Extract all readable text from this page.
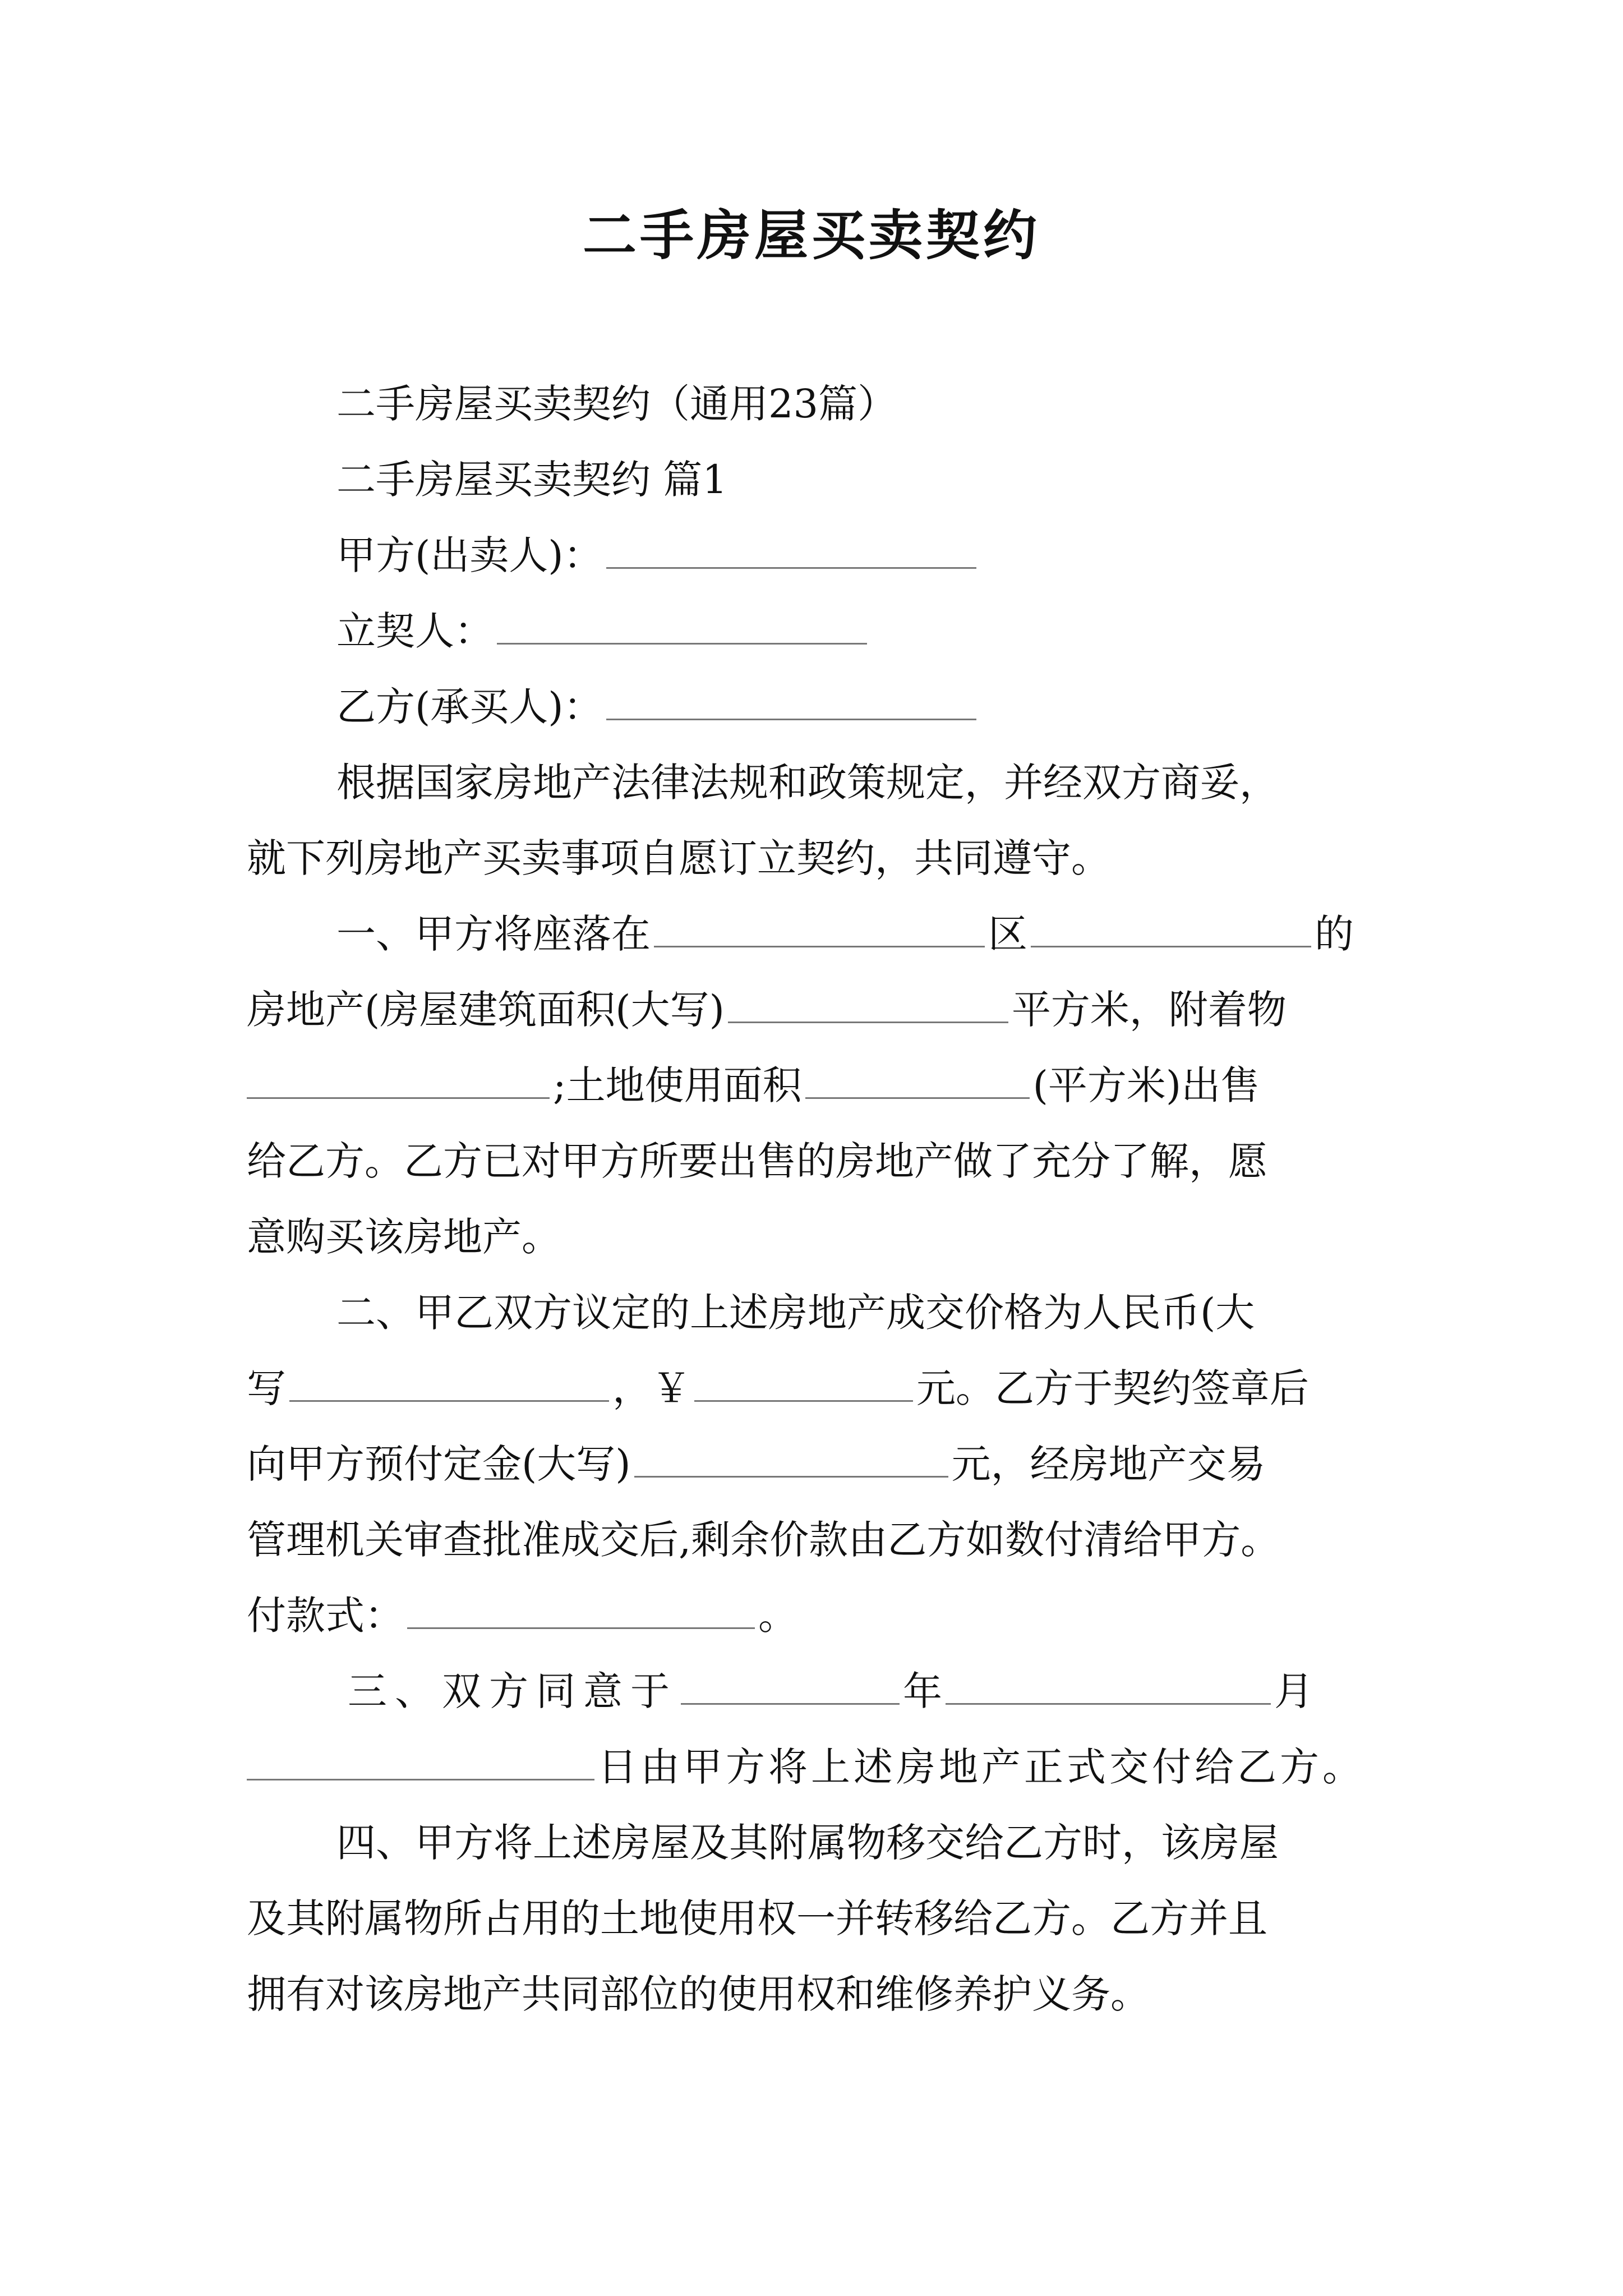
二手房屋买卖契约
二手房屋买卖契约（通用23篇）
二手房屋买卖契约 篇1
甲方(出卖人)：
立契人：
乙方(承买人)：
根据国家房地产法律法规和政策规定，并经双方商妥，
就下列房地产买卖事项自愿订立契约，共同遵守。
一、甲方将座落在	区	的
房地产(房屋建筑面积(大写)	平方米，附着物
;土地使用面积	(平方米)出售
给乙方。乙方已对甲方所要出售的房地产做了充分了解，愿
意购买该房地产。
二、甲乙双方议定的上述房地产成交价格为人民币(大
写	，￥	元。乙方于契约签章后
向甲方预付定金(大写)	元，经房地产交易
管理机关审查批准成交后,剩余价款由乙方如数付清给甲方。
付款式：	。
三、双方同意于	年	月
日由甲方将上述房地产正式交付给乙方。
四、甲方将上述房屋及其附属物移交给乙方时，该房屋
及其附属物所占用的土地使用权一并转移给乙方。乙方并且
拥有对该房地产共同部位的使用权和维修养护义务。
